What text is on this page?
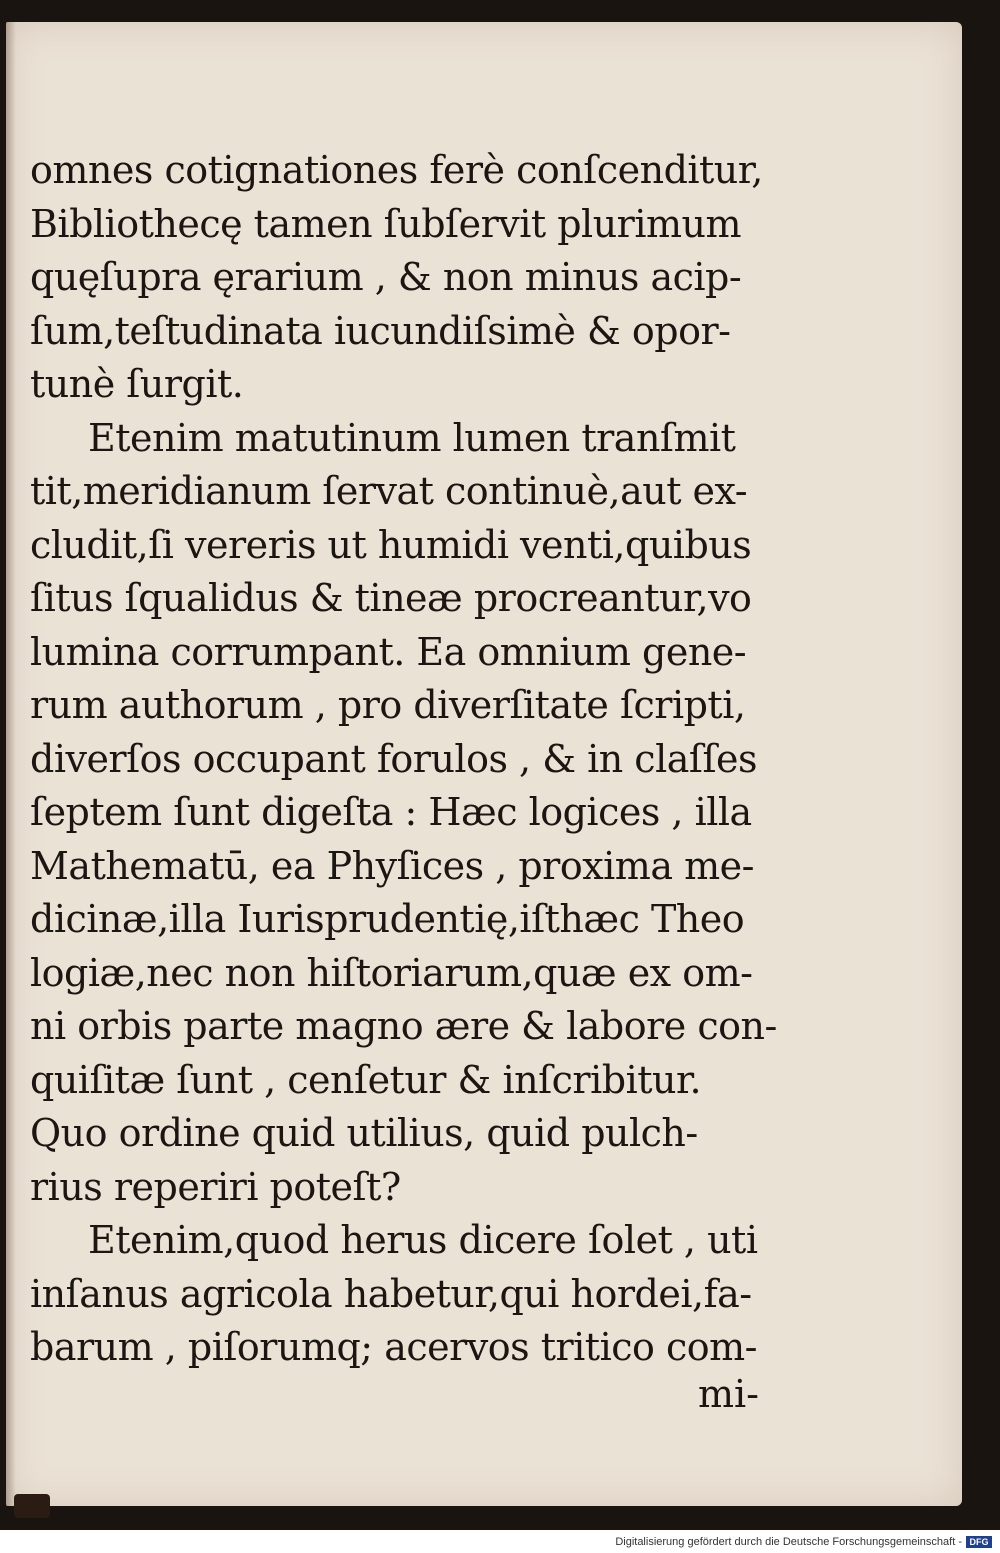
omnes cotignationes ferè conſcenditur,
Bibliothecę tamen ſubſervit plurimum
quęſupra ęrarium , & non minus acip-
ſum,teſtudinata iucundiſsimè & opor-
tunè ſurgit.
Etenim matutinum lumen tranſmit
tit,meridianum ſervat continuè,aut ex-
cludit,ſi vereris ut humidi venti,quibus
ſitus ſqualidus & tineæ procreantur,vo
lumina corrumpant. Ea omnium gene-
rum authorum , pro diverſitate ſcripti,
diverſos occupant forulos , & in claſſes
ſeptem ſunt digeſta : Hæc logices , illa
Mathematū, ea Phyſices , proxima me-
dicinæ,illa Iurisprudentię,iſthæc Theo
logiæ,nec non hiſtoriarum,quæ ex om-
ni orbis parte magno ære & labore con-
quiſitæ ſunt , cenſetur & inſcribitur.
Quo ordine quid utilius, quid pulch-
rius reperiri poteſt?
Etenim,quod herus dicere ſolet , uti
inſanus agricola habetur,qui hordei,fa-
barum , piſorumq; acervos tritico com-
mi-
Digitalisierung gefördert durch die Deutsche Forschungsgemeinschaft - DFG
